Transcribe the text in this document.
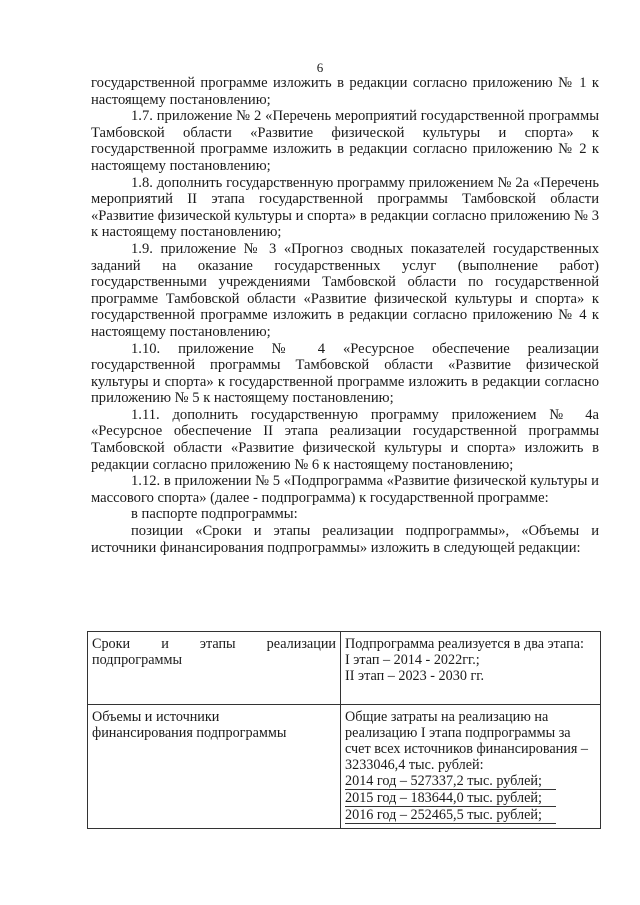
6

государственной программе изложить в редакции согласно приложению № 1 к настоящему постановлению;

1.7. приложение № 2 «Перечень мероприятий государственной программы Тамбовской области «Развитие физической культуры и спорта» к государственной программе изложить в редакции согласно приложению № 2 к настоящему постановлению;

1.8. дополнить государственную программу приложением № 2а «Перечень мероприятий II этапа государственной программы Тамбовской области «Развитие физической культуры и спорта» в редакции согласно приложению № 3 к настоящему постановлению;

1.9. приложение № 3 «Прогноз сводных показателей государственных заданий на оказание государственных услуг (выполнение работ) государственными учреждениями Тамбовской области по государственной программе Тамбовской области «Развитие физической культуры и спорта» к государственной программе изложить в редакции согласно приложению № 4 к настоящему постановлению;

1.10. приложение № 4 «Ресурсное обеспечение реализации государственной программы Тамбовской области «Развитие физической культуры и спорта» к государственной программе изложить в редакции согласно приложению № 5 к настоящему постановлению;

1.11. дополнить государственную программу приложением № 4а «Ресурсное обеспечение II этапа реализации государственной программы Тамбовской области «Развитие физической культуры и спорта» изложить в редакции согласно приложению № 6 к настоящему постановлению;

1.12. в приложении № 5 «Подпрограмма «Развитие физической культуры и массового спорта» (далее - подпрограмма) к государственной программе:

в паспорте подпрограммы:

позиции «Сроки и этапы реализации подпрограммы», «Объемы и источники финансирования подпрограммы» изложить в следующей редакции:

Сроки и этапы реализации
подпрограммы	Подпрограмма реализуется в два этапа:
I этап – 2014 - 2022гг.;
II этап – 2023 - 2030 гг.

Объемы и источники
финансирования подпрограммы	Общие затраты на реализацию на реализацию I этапа подпрограммы за счет всех источников финансирования –
3233046,4 тыс. рублей:
2014 год – 527337,2 тыс. рублей;
2015 год – 183644,0 тыс. рублей;
2016 год – 252465,5 тыс. рублей;
